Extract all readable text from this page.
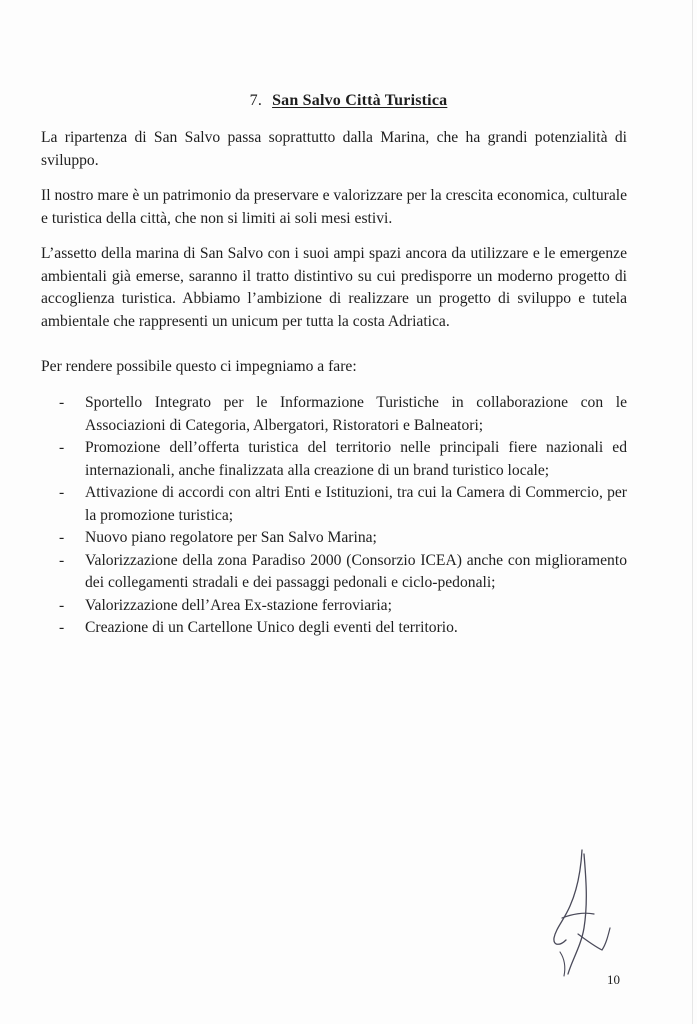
7. San Salvo Città Turistica

La ripartenza di San Salvo passa soprattutto dalla Marina, che ha grandi potenzialità di sviluppo.

Il nostro mare è un patrimonio da preservare e valorizzare per la crescita economica, culturale e turistica della città, che non si limiti ai soli mesi estivi.

L’assetto della marina di San Salvo con i suoi ampi spazi ancora da utilizzare e le emergenze ambientali già emerse, saranno il tratto distintivo su cui predisporre un moderno progetto di accoglienza turistica. Abbiamo l’ambizione di realizzare un progetto di sviluppo e tutela ambientale che rappresenti un unicum per tutta la costa Adriatica.

Per rendere possibile questo ci impegniamo a fare:

- Sportello Integrato per le Informazione Turistiche in collaborazione con le Associazioni di Categoria, Albergatori, Ristoratori e Balneatori;
- Promozione dell’offerta turistica del territorio nelle principali fiere nazionali ed internazionali, anche finalizzata alla creazione di un brand turistico locale;
- Attivazione di accordi con altri Enti e Istituzioni, tra cui la Camera di Commercio, per la promozione turistica;
- Nuovo piano regolatore per San Salvo Marina;
- Valorizzazione della zona Paradiso 2000 (Consorzio ICEA) anche con miglioramento dei collegamenti stradali e dei passaggi pedonali e ciclo-pedonali;
- Valorizzazione dell’Area Ex-stazione ferroviaria;
- Creazione di un Cartellone Unico degli eventi del territorio.
10
